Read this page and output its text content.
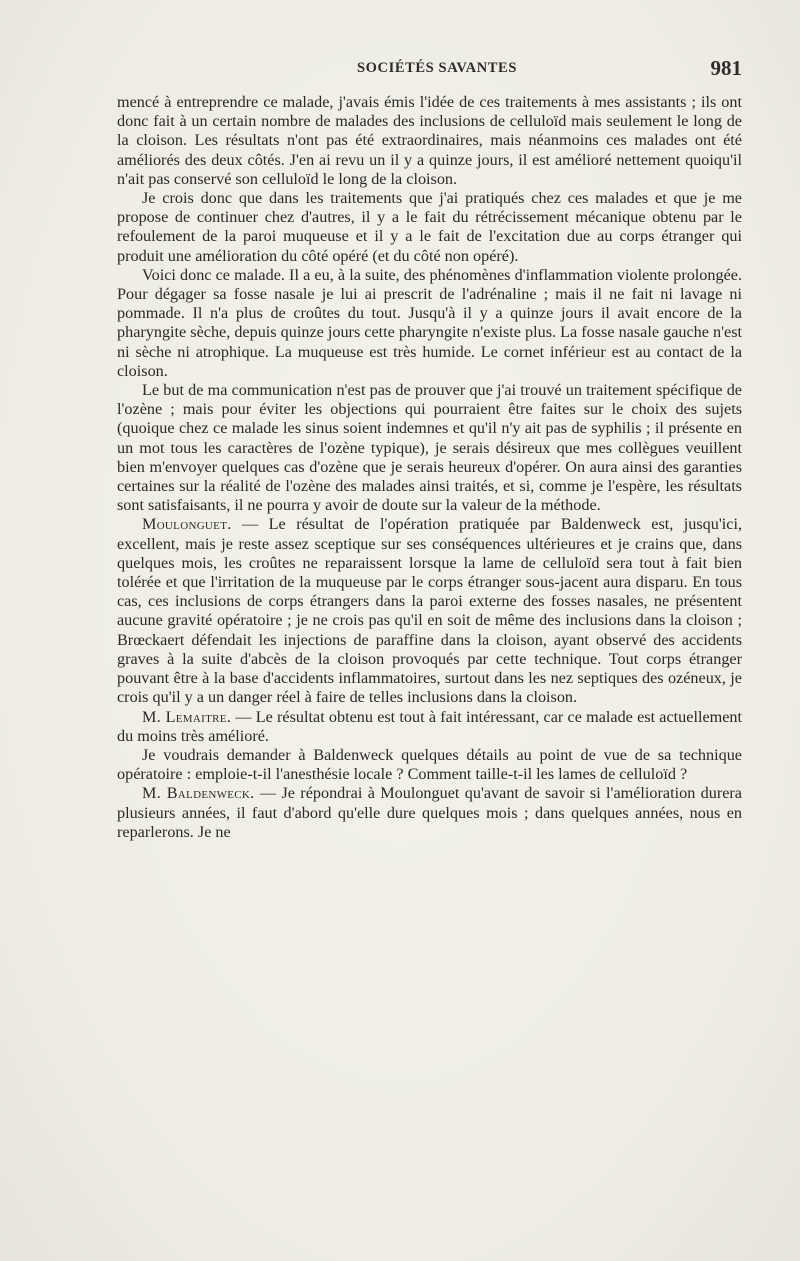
SOCIÉTÉS SAVANTES	981

mencé à entreprendre ce malade, j'avais émis l'idée de ces traitements à mes assistants ; ils ont donc fait à un certain nombre de malades des inclusions de celluloïd mais seulement le long de la cloison. Les résultats n'ont pas été extraordinaires, mais néanmoins ces malades ont été améliorés des deux côtés. J'en ai revu un il y a quinze jours, il est amélioré nettement quoiqu'il n'ait pas conservé son celluloïd le long de la cloison.

Je crois donc que dans les traitements que j'ai pratiqués chez ces malades et que je me propose de continuer chez d'autres, il y a le fait du rétrécissement mécanique obtenu par le refoulement de la paroi muqueuse et il y a le fait de l'excitation due au corps étranger qui produit une amélioration du côté opéré (et du côté non opéré).

Voici donc ce malade. Il a eu, à la suite, des phénomènes d'inflammation violente prolongée. Pour dégager sa fosse nasale je lui ai prescrit de l'adrénaline ; mais il ne fait ni lavage ni pommade. Il n'a plus de croûtes du tout. Jusqu'à il y a quinze jours il avait encore de la pharyngite sèche, depuis quinze jours cette pharyngite n'existe plus. La fosse nasale gauche n'est ni sèche ni atrophique. La muqueuse est très humide. Le cornet inférieur est au contact de la cloison.

Le but de ma communication n'est pas de prouver que j'ai trouvé un traitement spécifique de l'ozène ; mais pour éviter les objections qui pourraient être faites sur le choix des sujets (quoique chez ce malade les sinus soient indemnes et qu'il n'y ait pas de syphilis ; il présente en un mot tous les caractères de l'ozène typique), je serais désireux que mes collègues veuillent bien m'envoyer quelques cas d'ozène que je serais heureux d'opérer. On aura ainsi des garanties certaines sur la réalité de l'ozène des malades ainsi traités, et si, comme je l'espère, les résultats sont satisfaisants, il ne pourra y avoir de doute sur la valeur de la méthode.

Moulonguet. — Le résultat de l'opération pratiquée par Baldenweck est, jusqu'ici, excellent, mais je reste assez sceptique sur ses conséquences ultérieures et je crains que, dans quelques mois, les croûtes ne reparaissent lorsque la lame de celluloïd sera tout à fait bien tolérée et que l'irritation de la muqueuse par le corps étranger sous-jacent aura disparu. En tous cas, ces inclusions de corps étrangers dans la paroi externe des fosses nasales, ne présentent aucune gravité opératoire ; je ne crois pas qu'il en soit de même des inclusions dans la cloison ; Brœckaert défendait les injections de paraffine dans la cloison, ayant observé des accidents graves à la suite d'abcès de la cloison provoqués par cette technique. Tout corps étranger pouvant être à la base d'accidents inflammatoires, surtout dans les nez septiques des ozéneux, je crois qu'il y a un danger réel à faire de telles inclusions dans la cloison.

M. Lemaitre. — Le résultat obtenu est tout à fait intéressant, car ce malade est actuellement du moins très amélioré.

Je voudrais demander à Baldenweck quelques détails au point de vue de sa technique opératoire : emploie-t-il l'anesthésie locale ? Comment taille-t-il les lames de celluloïd ?

M. Baldenweck. — Je répondrai à Moulonguet qu'avant de savoir si l'amélioration durera plusieurs années, il faut d'abord qu'elle dure quelques mois ; dans quelques années, nous en reparlerons. Je ne
